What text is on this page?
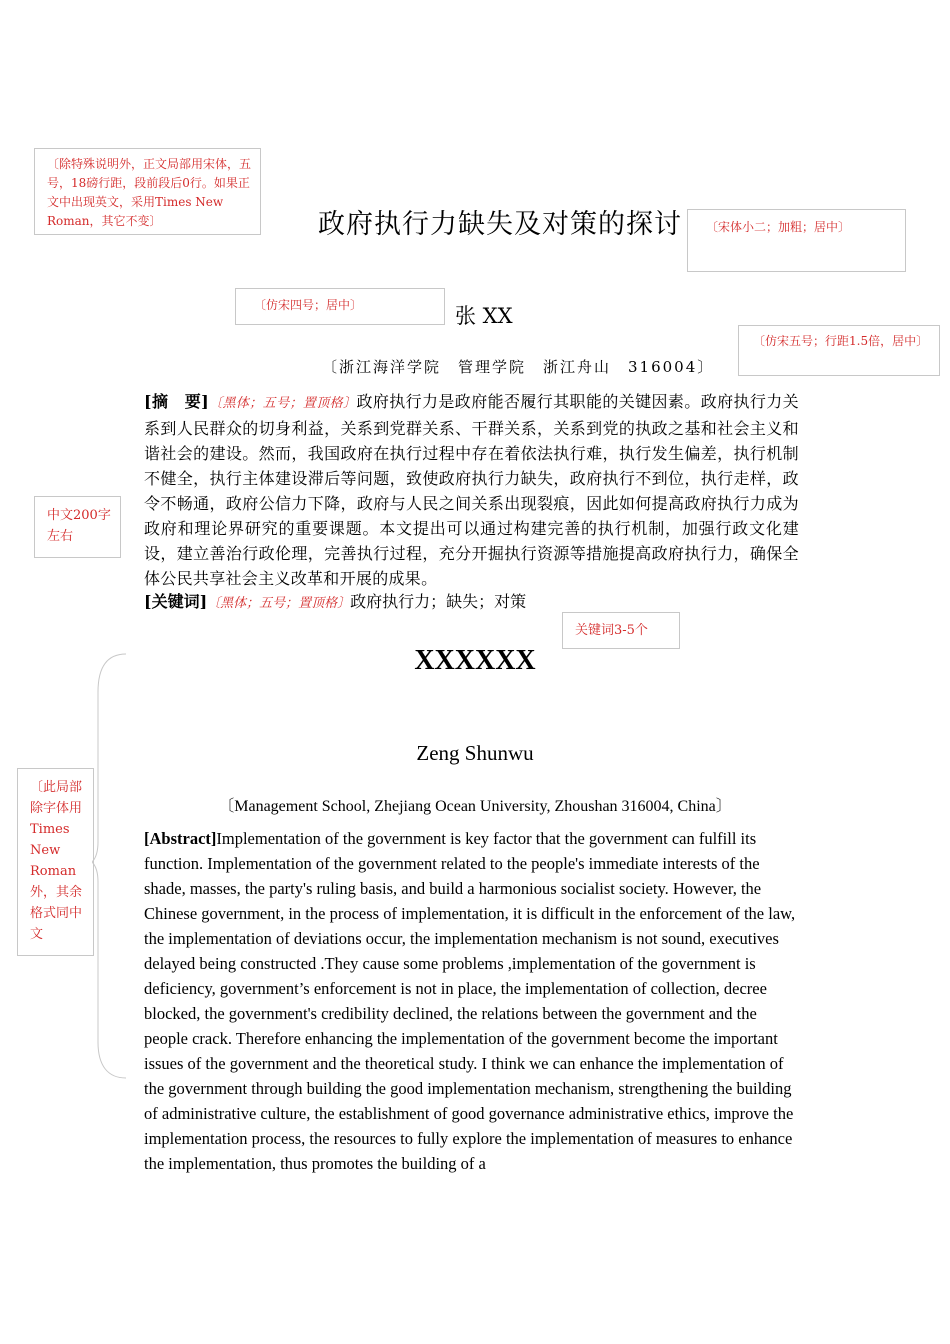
〔除特殊说明外，正文局部用宋体，五号，18磅行距，段前段后0行。如果正文中出现英文，采用Times New Roman，其它不变〕	〔宋体小二；加粗；居中〕
〔仿宋四号；居中〕
〔仿宋五号；行距1.5倍，居中〕
中文200字左右
关键词3-5个
〔此局部除字体用Times New Roman外，其余格式同中文
政府执行力缺失及对策的探讨
张 XX
〔浙江海洋学院　管理学院　浙江舟山　316004〕
[摘　要]〔黑体；五号；置顶格〕政府执行力是政府能否履行其职能的关键因素。政府执行力关系到人民群众的切身利益，关系到党群关系、干群关系，关系到党的执政之基和社会主义和谐社会的建设。然而，我国政府在执行过程中存在着依法执行难，执行发生偏差，执行机制不健全，执行主体建设滞后等问题，致使政府执行力缺失，政府执行不到位，执行走样，政令不畅通，政府公信力下降，政府与人民之间关系出现裂痕，因此如何提高政府执行力成为政府和理论界研究的重要课题。本文提出可以通过构建完善的执行机制，加强行政文化建设，建立善治行政伦理，完善执行过程，充分开掘执行资源等措施提高政府执行力，确保全体公民共享社会主义改革和开展的成果。
[关键词]〔黑体；五号；置顶格〕政府执行力；缺失；对策
XXXXXX
Zeng Shunwu
〔Management School, Zhejiang Ocean University, Zhoushan 316004, China〕
[Abstract]Implementation of the government is key factor that the government can fulfill its function. Implementation of the government related to the people's immediate interests of the shade, masses, the party's ruling basis, and build a harmonious socialist society. However, the Chinese government, in the process of implementation, it is difficult in the enforcement of the law, the implementation of deviations occur, the implementation mechanism is not sound, executives delayed being constructed .They cause some problems ,implementation of the government is deficiency, government’s enforcement is not in place, the implementation of collection, decree blocked, the government's credibility declined, the relations between the government and the people crack. Therefore enhancing the implementation of the government become the important issues of the government and the theoretical study. I think we can enhance the implementation of the government through building the good implementation mechanism, strengthening the building of administrative culture, the establishment of good governance administrative ethics, improve the implementation process, the resources to fully explore the implementation of measures to enhance the implementation, thus promotes the building of a
